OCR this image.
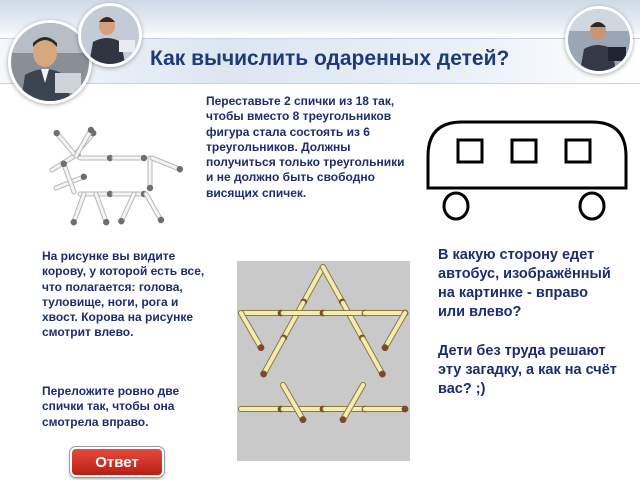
Как вычислить одаренных детей?

Переставьте 2 спички из 18 так, чтобы вместо 8 треугольников фигура стала состоять из 6 треугольников. Должны получиться только треугольники и не должно быть свободно висящих спичек.

На рисунке вы видите корову, у которой есть все, что полагается: голова, туловище, ноги, рога и хвост. Корова на рисунке смотрит влево.

Переложите ровно две спички так, чтобы она смотрела вправо.

В какую сторону едет автобус, изображённый на картинке - вправо или влево?

Дети без труда решают эту загадку, а как на счёт вас? ;)

Ответ
